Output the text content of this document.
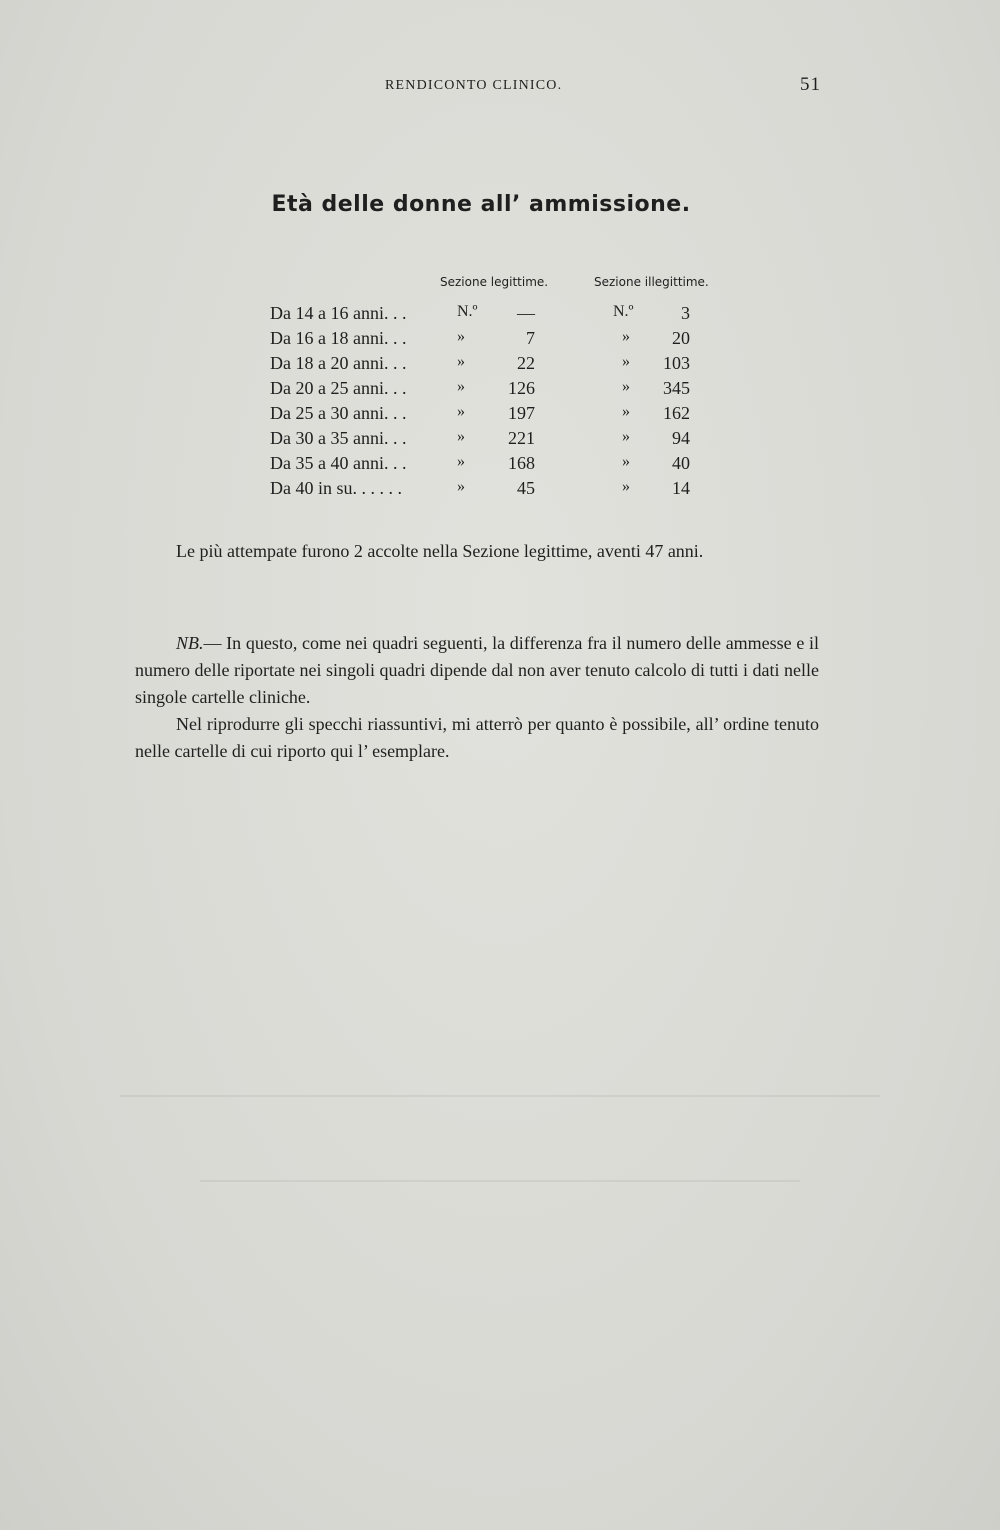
RENDICONTO CLINICO.	51
Età delle donne all’ ammissione.
Sezione legittime.	Sezione illegittime.
Da 14 a 16 anni. . .	N.º —	N.º	3
Da 16 a 18 anni. . .	»	7	» 20
Da 18 a 20 anni. . .	»	22	» 103
Da 20 a 25 anni. . .	» 126	» 345
Da 25 a 30 anni. . .	» 197	» 162
Da 30 a 35 anni. . .	» 221	» 94
Da 35 a 40 anni. . .	» 168	» 40
Da 40 in su. . . . . .	»	45	» 14
Le più attempate furono 2 accolte nella Sezione legittime, aventi 47 anni.

NB.— In questo, come nei quadri seguenti, la differenza fra il numero delle ammesse e il numero delle riportate nei singoli quadri dipende dal non aver tenuto calcolo di tutti i dati nelle singole cartelle cliniche.

Nel riprodurre gli specchi riassuntivi, mi atterrò per quanto è possibile, all’ ordine tenuto nelle cartelle di cui riporto qui l’ esemplare.
